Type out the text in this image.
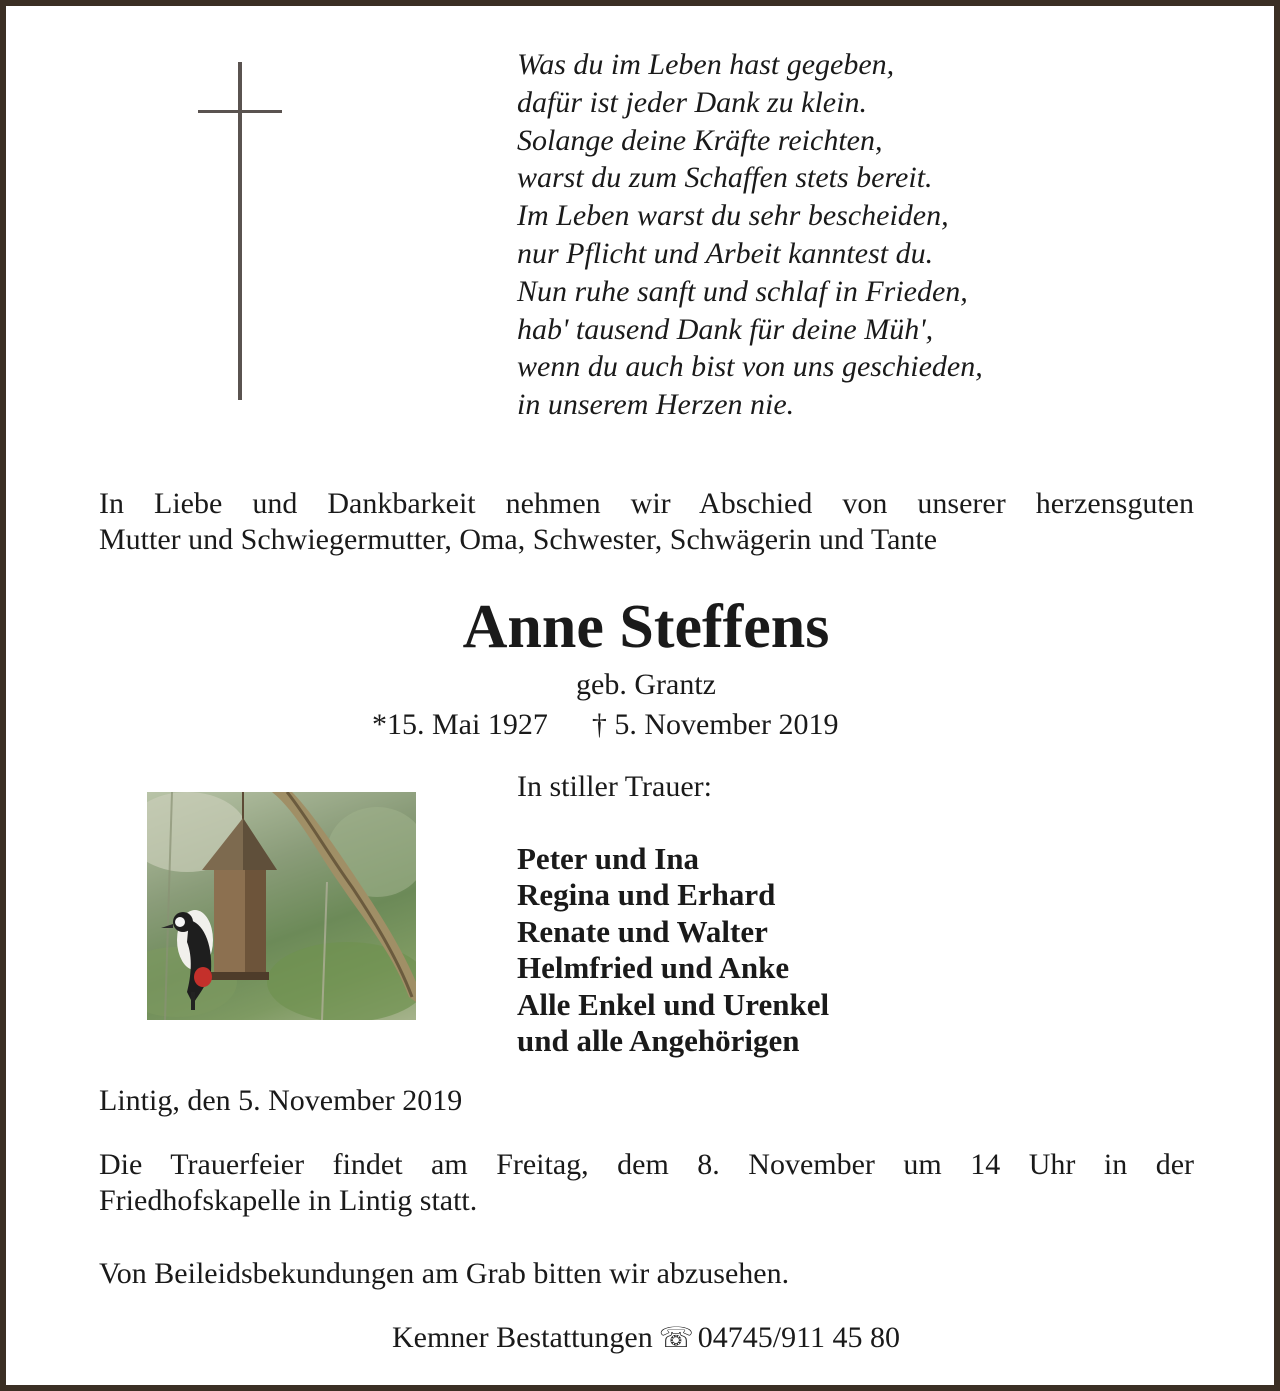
Was du im Leben hast gegeben,
dafür ist jeder Dank zu klein.
Solange deine Kräfte reichten,
warst du zum Schaffen stets bereit.
Im Leben warst du sehr bescheiden,
nur Pflicht und Arbeit kanntest du.
Nun ruhe sanft und schlaf in Frieden,
hab' tausend Dank für deine Müh',
wenn du auch bist von uns geschieden,
in unserem Herzen nie.
In Liebe und Dankbarkeit nehmen wir Abschied von unserer herzensguten
Mutter und Schwiegermutter, Oma, Schwester, Schwägerin und Tante
Anne Steffens
geb. Grantz
*15. Mai 1927 † 5. November 2019
In stiller Trauer:
Peter und Ina
Regina und Erhard
Renate und Walter
Helmfried und Anke
Alle Enkel und Urenkel
und alle Angehörigen
Lintig, den 5. November 2019
Die Trauerfeier findet am Freitag, dem 8. November um 14 Uhr in der
Friedhofskapelle in Lintig statt.
Von Beileidsbekundungen am Grab bitten wir abzusehen.
Kemner Bestattungen ☏ 04745/911 45 80
